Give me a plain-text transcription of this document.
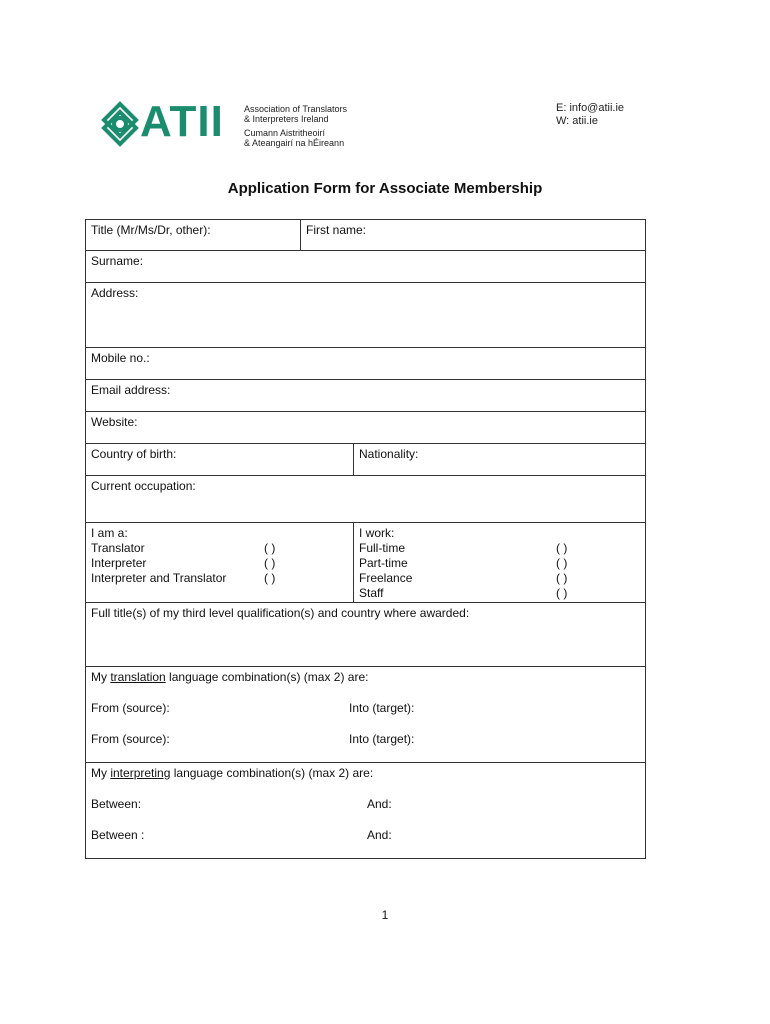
ATII Association of Translators
& Interpreters Ireland
Cumann Aistritheoirí
& Ateangairí na hÉireann
E: info@atii.ie
W: atii.ie
Application Form for Associate Membership
Title (Mr/Ms/Dr, other):	First name:
Surname:
Address:
Mobile no.:
Email address:
Website:
Country of birth:	Nationality:
Current occupation:
I am a:
Translator	( )
Interpreter	( )
Interpreter and Translator	( )
I work:
Full-time	( )
Part-time	( )
Freelance	( )
Staff	( )
Full title(s) of my third level qualification(s) and country where awarded:
My translation language combination(s) (max 2) are:
From (source):	Into (target):
From (source):	Into (target):
My interpreting language combination(s) (max 2) are:
Between:	And:
Between :	And:
1
